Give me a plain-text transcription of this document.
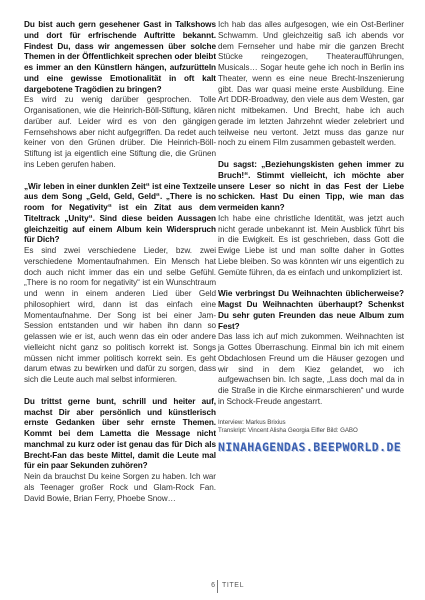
Du bist auch gern gesehener Gast in Talkshows und dort für erfrischende Auftritte bekannt. Findest Du, dass wir angemessen über solche Themen in der Öffentlichkeit sprechen oder bleibt es immer an den Künstlern hängen, aufzurütteln und eine gewisse Emotionalität in oft kalt dargebotene Tragödien zu bringen?

Es wird zu wenig darüber gesprochen. Tolle Organisationen, wie die Heinrich-Böll-Stiftung, klären darüber auf. Leider wird es von den gängigen Fernsehshows aber nicht aufgegriffen. Da redet auch keiner von den Grünen drüber. Die Heinrich-Böll-Stiftung ist ja eigentlich eine Stiftung die, die Grünen ins Leben gerufen haben.

„Wir leben in einer dunklen Zeit“ ist eine Textzeile aus dem Song „Geld, Geld, Geld“. „There is no room for Negativity“ ist ein Zitat aus dem Titeltrack „Unity“. Sind diese beiden Aussagen gleichzeitig auf einem Album kein Widerspruch für Dich?

Es sind zwei verschiedene Lieder, bzw. zwei verschiedene Momentaufnahmen. Ein Mensch hat doch auch nicht immer das ein und selbe Gefühl. „There is no room for negativity“ ist ein Wunschtraum und wenn in einem anderen Lied über Geld philosophiert wird, dann ist das einfach eine Momentaufnahme. Der Song ist bei einer Jam-Session entstanden und wir haben ihn dann so gelassen wie er ist, auch wenn das ein oder andere vielleicht nicht ganz so politisch korrekt ist. Songs müssen nicht immer politisch korrekt sein. Es geht darum etwas zu bewirken und dafür zu sorgen, dass sich die Leute auch mal selbst informieren.

Du trittst gerne bunt, schrill und heiter auf, machst Dir aber persönlich und künstlerisch ernste Gedanken über sehr ernste Themen. Kommt bei dem Lametta die Message nicht manchmal zu kurz oder ist genau das für Dich als Brecht-Fan das beste Mittel, damit die Leute mal für ein paar Sekunden zuhören?

Nein da brauchst Du keine Sorgen zu haben. Ich war als Teenager großer Rock und Glam-Rock Fan. David Bowie, Brian Ferry, Phoebe Snow…

Ich hab das alles aufgesogen, wie ein Ost-Berliner Schwamm. Und gleichzeitig saß ich abends vor dem Fernseher und habe mir die ganzen Brecht Stücke reingezogen, Theateraufführungen, Musicals… Sogar heute gehe ich noch in Berlin ins Theater, wenn es eine neue Brecht-Inszenierung gibt. Das war quasi meine erste Ausbildung. Eine Art DDR-Broadway, den viele aus dem Westen, gar nicht mitbekamen. Und Brecht, habe ich auch gerade im letzten Jahrzehnt wieder zelebriert und teilweise neu vertont. Jetzt muss das ganze nur noch zu einem Film zusammen gebastelt werden.

Du sagst: „Beziehungskisten gehen immer zu Bruch!“. Stimmt vielleicht, ich möchte aber unsere Leser so nicht in das Fest der Liebe schicken. Hast Du einen Tipp, wie man das vermeiden kann?

Ich habe eine christliche Identität, was jetzt auch nicht gerade unbekannt ist. Mein Ausblick führt bis in die Ewigkeit. Es ist geschrieben, dass Gott die Ewige Liebe ist und man sollte daher in Gottes Liebe bleiben. So was könnten wir uns eigentlich zu Gemüte führen, da es einfach und unkompliziert ist.

Wie verbringst Du Weihnachten üblicherweise? Magst Du Weihnachten überhaupt? Schenkst Du sehr guten Freunden das neue Album zum Fest?

Das lass ich auf mich zukommen. Weihnachten ist ja Gottes Überraschung. Einmal bin ich mit einem Obdachlosen Freund um die Häuser gezogen und wir sind in dem Kiez gelandet, wo ich aufgewachsen bin. Ich sagte, „Lass doch mal da in die Straße in die Kirche einmarschieren“ und wurde in Schock-Freude angestarrt.

Interview: Markus Brixius
Transkript: Vincent Alisha Georgia Eifler Bild: GABO

NINAHAGENDAS.BEEPWORLD.DE
6 TITEL
